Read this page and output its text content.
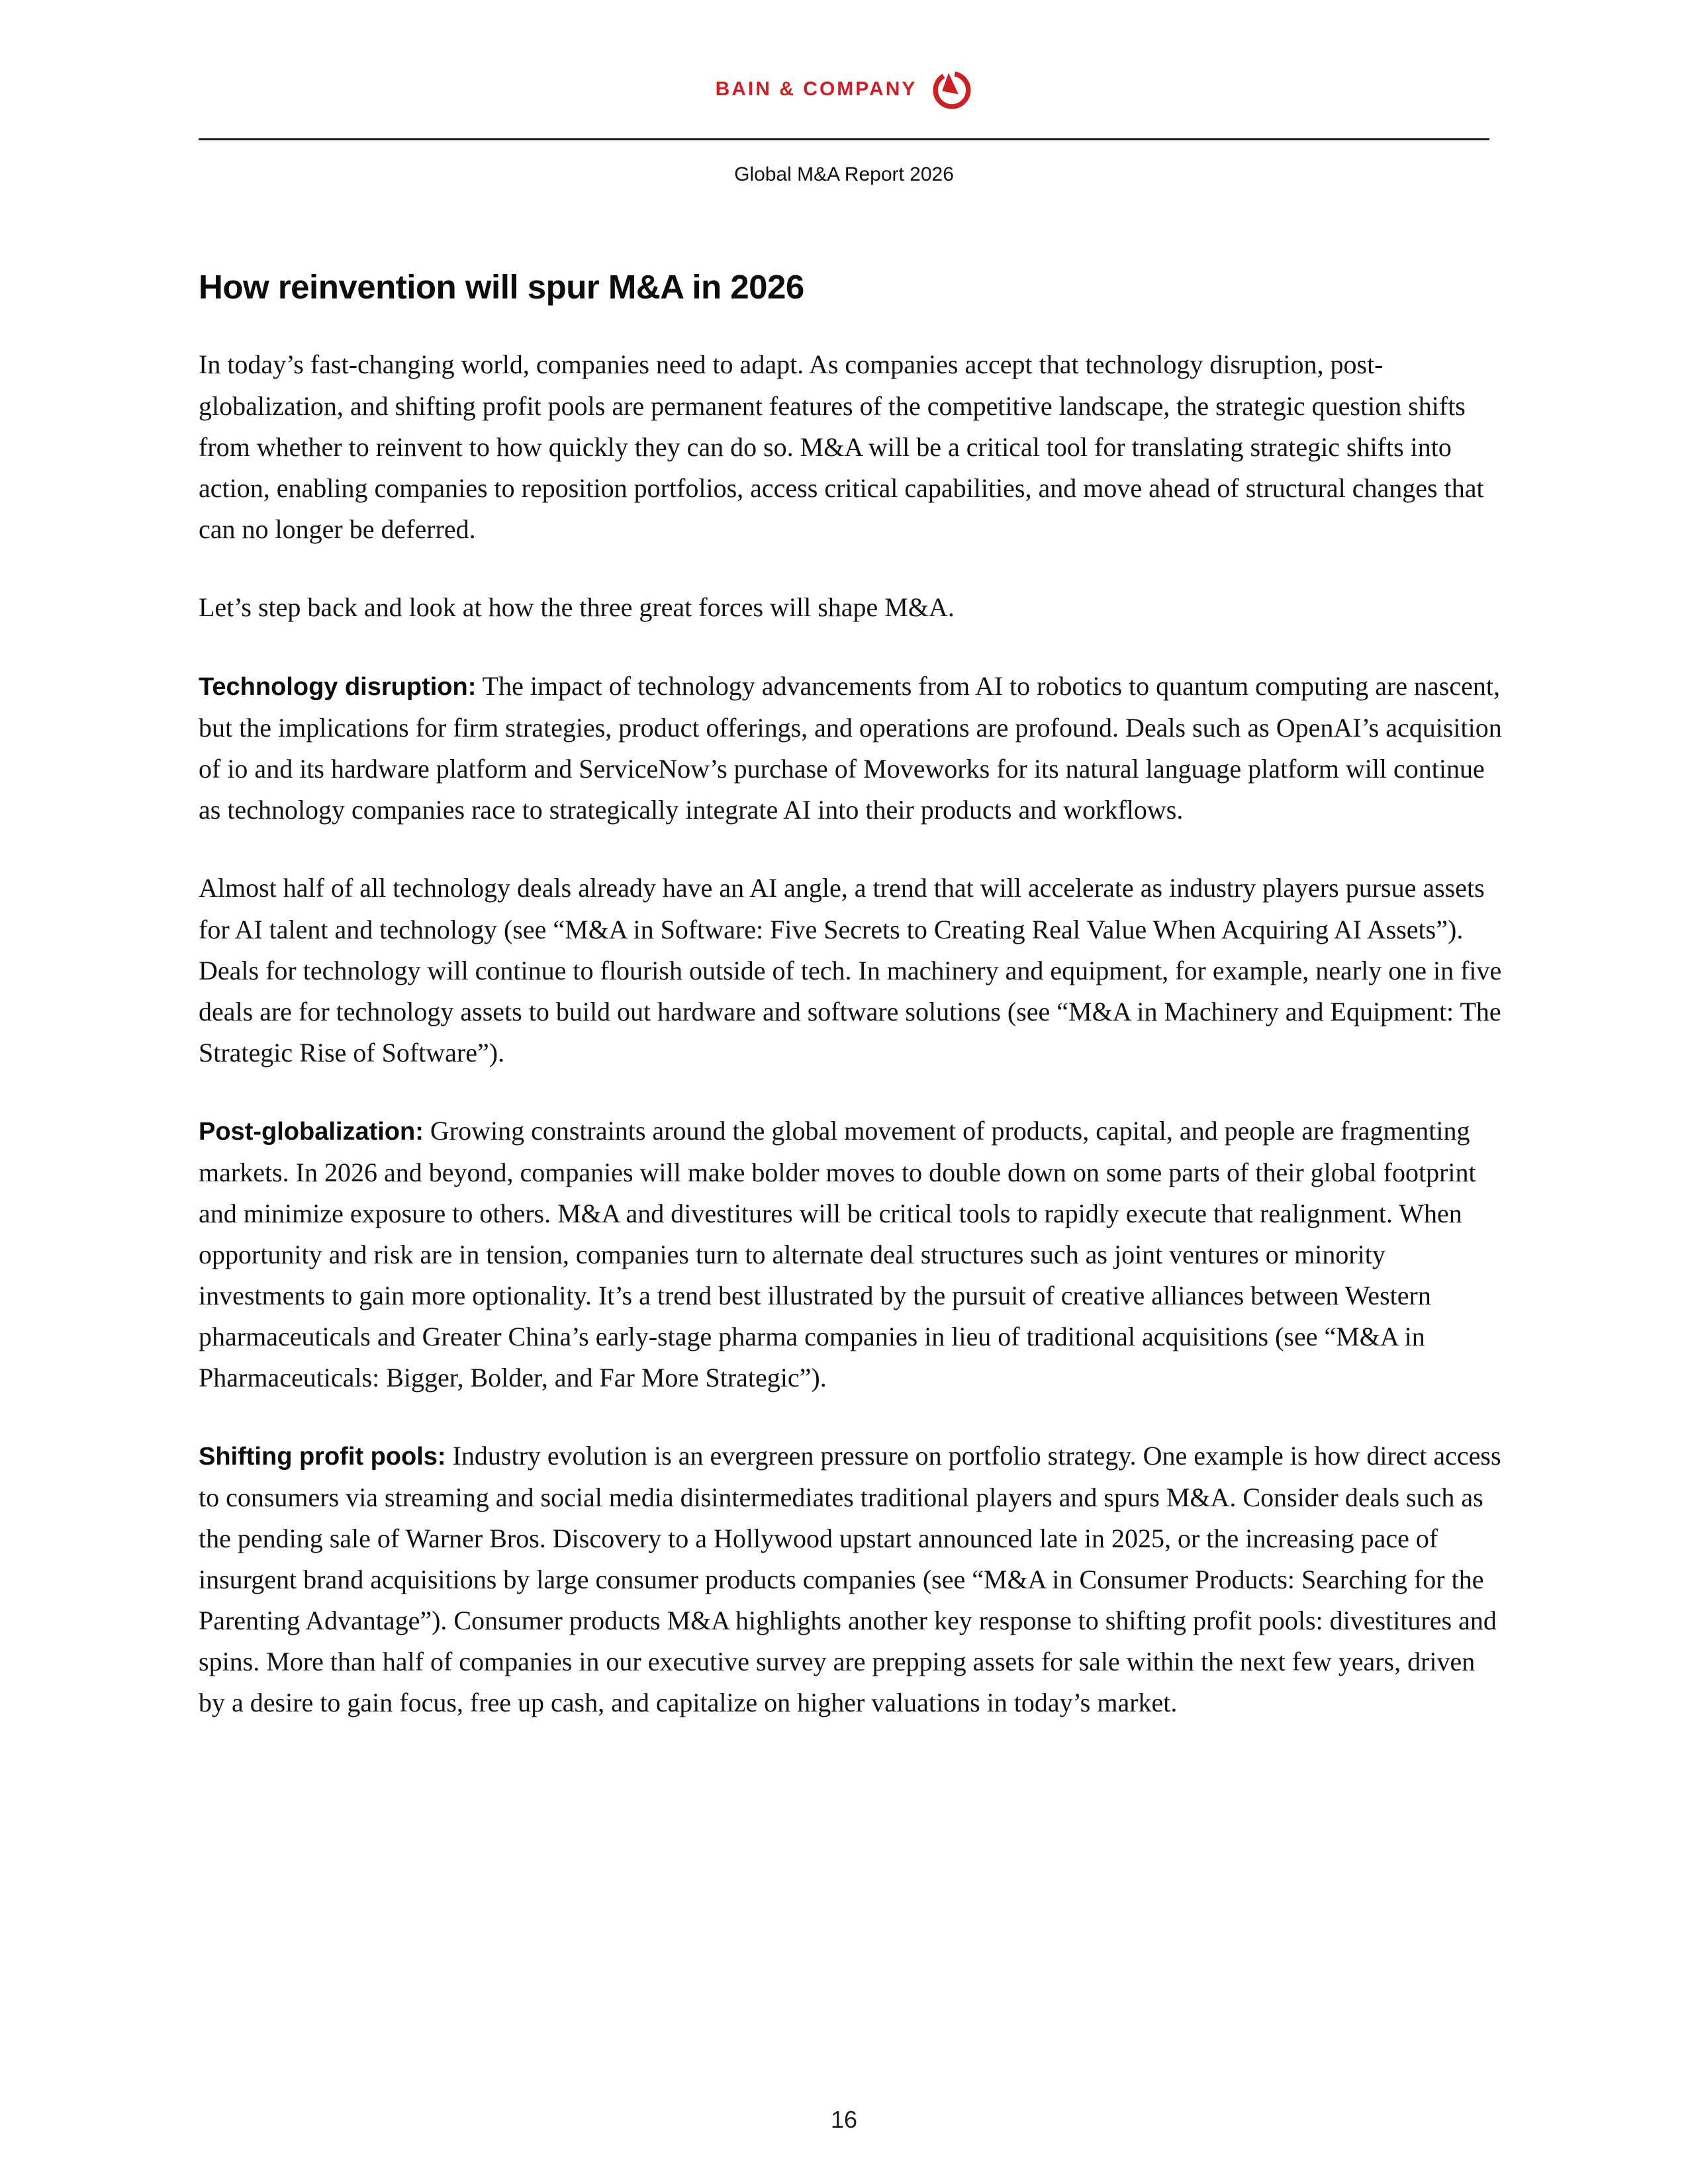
BAIN & COMPANY
Global M&A Report 2026
How reinvention will spur M&A in 2026

In today’s fast-changing world, companies need to adapt. As companies accept that technology disruption, post-globalization, and shifting profit pools are permanent features of the competitive landscape, the strategic question shifts from whether to reinvent to how quickly they can do so. M&A will be a critical tool for translating strategic shifts into action, enabling companies to reposition portfolios, access critical capabilities, and move ahead of structural changes that can no longer be deferred.

Let’s step back and look at how the three great forces will shape M&A.

Technology disruption: The impact of technology advancements from AI to robotics to quantum computing are nascent, but the implications for firm strategies, product offerings, and operations are profound. Deals such as OpenAI’s acquisition of io and its hardware platform and ServiceNow’s purchase of Moveworks for its natural language platform will continue as technology companies race to strategically integrate AI into their products and workflows.

Almost half of all technology deals already have an AI angle, a trend that will accelerate as industry players pursue assets for AI talent and technology (see “M&A in Software: Five Secrets to Creating Real Value When Acquiring AI Assets”). Deals for technology will continue to flourish outside of tech. In machinery and equipment, for example, nearly one in five deals are for technology assets to build out hardware and software solutions (see “M&A in Machinery and Equipment: The Strategic Rise of Software”).

Post-globalization: Growing constraints around the global movement of products, capital, and people are fragmenting markets. In 2026 and beyond, companies will make bolder moves to double down on some parts of their global footprint and minimize exposure to others. M&A and divestitures will be critical tools to rapidly execute that realignment. When opportunity and risk are in tension, companies turn to alternate deal structures such as joint ventures or minority investments to gain more optionality. It’s a trend best illustrated by the pursuit of creative alliances between Western pharmaceuticals and Greater China’s early-stage pharma companies in lieu of traditional acquisitions (see “M&A in Pharmaceuticals: Bigger, Bolder, and Far More Strategic”).

Shifting profit pools: Industry evolution is an evergreen pressure on portfolio strategy. One example is how direct access to consumers via streaming and social media disintermediates traditional players and spurs M&A. Consider deals such as the pending sale of Warner Bros. Discovery to a Hollywood upstart announced late in 2025, or the increasing pace of insurgent brand acquisitions by large consumer products companies (see “M&A in Consumer Products: Searching for the Parenting Advantage”). Consumer products M&A highlights another key response to shifting profit pools: divestitures and spins. More than half of companies in our executive survey are prepping assets for sale within the next few years, driven by a desire to gain focus, free up cash, and capitalize on higher valuations in today’s market.

16
